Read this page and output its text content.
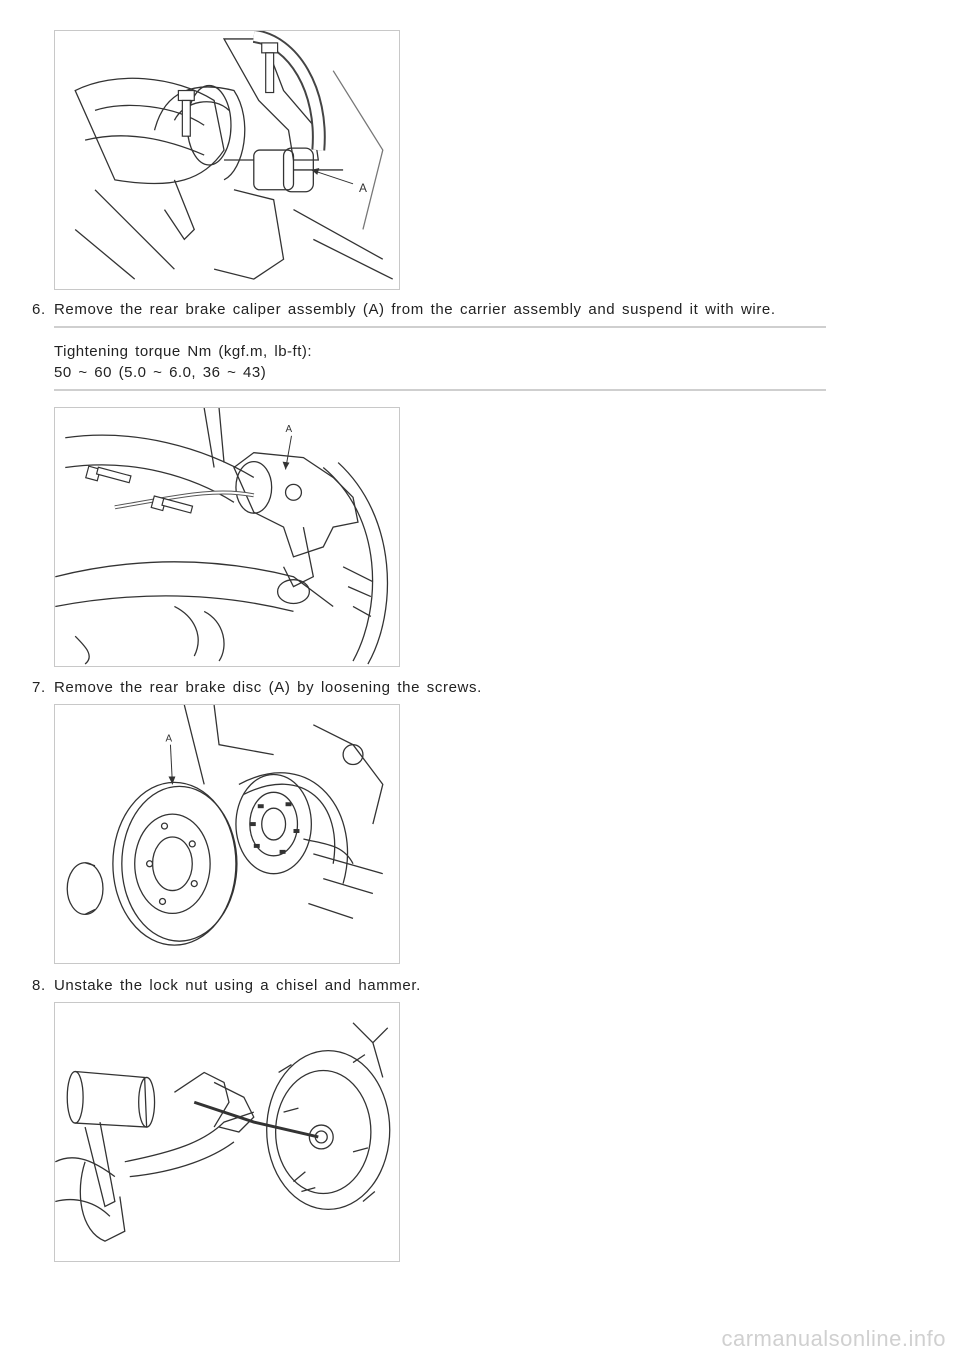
A
6. Remove the rear brake caliper assembly (A) from the carrier assembly and suspend it with wire.
Tightening torque Nm (kgf.m, lb-ft):
50 ~ 60 (5.0 ~ 6.0, 36 ~ 43)
A
7. Remove the rear brake disc (A) by loosening the screws.
A
8. Unstake the lock nut using a chisel and hammer.
carmanualsonline.info
